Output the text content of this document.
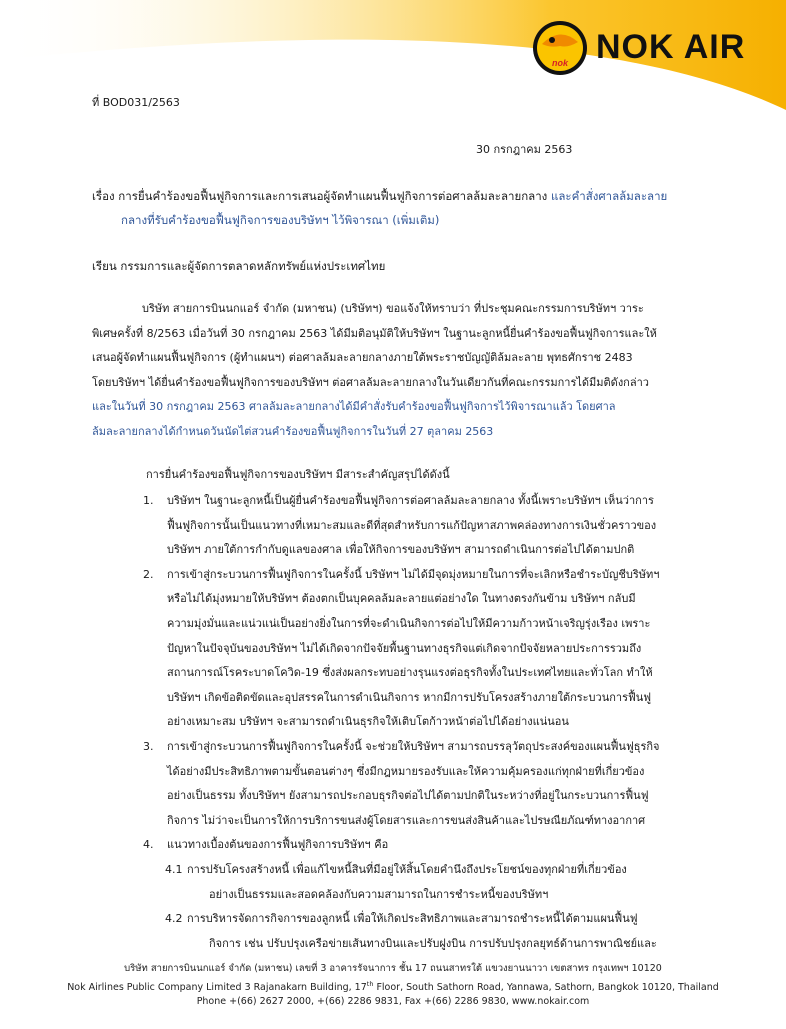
nok NOK AIR
ที่ BOD031/2563
30 กรกฎาคม 2563
เรื่อง การยื่นคำร้องขอฟื้นฟูกิจการและการเสนอผู้จัดทำแผนฟื้นฟูกิจการต่อศาลล้มละลายกลาง และคำสั่งศาลล้มละลาย
กลางที่รับคำร้องขอฟื้นฟูกิจการของบริษัทฯ ไว้พิจารณา (เพิ่มเติม)
เรียน กรรมการและผู้จัดการตลาดหลักทรัพย์แห่งประเทศไทย
บริษัท สายการบินนกแอร์ จำกัด (มหาชน) (บริษัทฯ) ขอแจ้งให้ทราบว่า ที่ประชุมคณะกรรมการบริษัทฯ วาระ
พิเศษครั้งที่ 8/2563 เมื่อวันที่ 30 กรกฎาคม 2563 ได้มีมติอนุมัติให้บริษัทฯ ในฐานะลูกหนี้ยื่นคำร้องขอฟื้นฟูกิจการและให้
เสนอผู้จัดทำแผนฟื้นฟูกิจการ (ผู้ทำแผนฯ) ต่อศาลล้มละลายกลางภายใต้พระราชบัญญัติล้มละลาย พุทธศักราช 2483
โดยบริษัทฯ ได้ยื่นคำร้องขอฟื้นฟูกิจการของบริษัทฯ ต่อศาลล้มละลายกลางในวันเดียวกันที่คณะกรรมการได้มีมติดังกล่าว
และในวันที่ 30 กรกฎาคม 2563 ศาลล้มละลายกลางได้มีคำสั่งรับคำร้องขอฟื้นฟูกิจการไว้พิจารณาแล้ว โดยศาล
ล้มละลายกลางได้กำหนดวันนัดไต่สวนคำร้องขอฟื้นฟูกิจการในวันที่ 27 ตุลาคม 2563
การยื่นคำร้องขอฟื้นฟูกิจการของบริษัทฯ มีสาระสำคัญสรุปได้ดังนี้
1. บริษัทฯ ในฐานะลูกหนี้เป็นผู้ยื่นคำร้องขอฟื้นฟูกิจการต่อศาลล้มละลายกลาง ทั้งนี้เพราะบริษัทฯ เห็นว่าการ
ฟื้นฟูกิจการนั้นเป็นแนวทางที่เหมาะสมและดีที่สุดสำหรับการแก้ปัญหาสภาพคล่องทางการเงินชั่วคราวของ
บริษัทฯ ภายใต้การกำกับดูแลของศาล เพื่อให้กิจการของบริษัทฯ สามารถดำเนินการต่อไปได้ตามปกติ
2. การเข้าสู่กระบวนการฟื้นฟูกิจการในครั้งนี้ บริษัทฯ ไม่ได้มีจุดมุ่งหมายในการที่จะเลิกหรือชำระบัญชีบริษัทฯ
หรือไม่ได้มุ่งหมายให้บริษัทฯ ต้องตกเป็นบุคคลล้มละลายแต่อย่างใด ในทางตรงกันข้าม บริษัทฯ กลับมี
ความมุ่งมั่นและแน่วแน่เป็นอย่างยิ่งในการที่จะดำเนินกิจการต่อไปให้มีความก้าวหน้าเจริญรุ่งเรือง เพราะ
ปัญหาในปัจจุบันของบริษัทฯ ไม่ได้เกิดจากปัจจัยพื้นฐานทางธุรกิจแต่เกิดจากปัจจัยหลายประการรวมถึง
สถานการณ์โรคระบาดโควิด-19 ซึ่งส่งผลกระทบอย่างรุนแรงต่อธุรกิจทั้งในประเทศไทยและทั่วโลก ทำให้
บริษัทฯ เกิดข้อติดขัดและอุปสรรคในการดำเนินกิจการ หากมีการปรับโครงสร้างภายใต้กระบวนการฟื้นฟู
อย่างเหมาะสม บริษัทฯ จะสามารถดำเนินธุรกิจให้เติบโตก้าวหน้าต่อไปได้อย่างแน่นอน
3. การเข้าสู่กระบวนการฟื้นฟูกิจการในครั้งนี้ จะช่วยให้บริษัทฯ สามารถบรรลุวัตถุประสงค์ของแผนฟื้นฟูธุรกิจ
ได้อย่างมีประสิทธิภาพตามขั้นตอนต่างๆ ซึ่งมีกฎหมายรองรับและให้ความคุ้มครองแก่ทุกฝ่ายที่เกี่ยวข้อง
อย่างเป็นธรรม ทั้งบริษัทฯ ยังสามารถประกอบธุรกิจต่อไปได้ตามปกติในระหว่างที่อยู่ในกระบวนการฟื้นฟู
กิจการ ไม่ว่าจะเป็นการให้การบริการขนส่งผู้โดยสารและการขนส่งสินค้าและไปรษณียภัณฑ์ทางอากาศ
4. แนวทางเบื้องต้นของการฟื้นฟูกิจการบริษัทฯ คือ
4.1 การปรับโครงสร้างหนี้ เพื่อแก้ไขหนี้สินที่มีอยู่ให้สิ้นโดยคำนึงถึงประโยชน์ของทุกฝ่ายที่เกี่ยวข้อง
อย่างเป็นธรรมและสอดคล้องกับความสามารถในการชำระหนี้ของบริษัทฯ
4.2 การบริหารจัดการกิจการของลูกหนี้ เพื่อให้เกิดประสิทธิภาพและสามารถชำระหนี้ได้ตามแผนฟื้นฟู
กิจการ เช่น ปรับปรุงเครือข่ายเส้นทางบินและปรับฝูงบิน การปรับปรุงกลยุทธ์ด้านการพาณิชย์และ
บริษัท สายการบินนกแอร์ จำกัด (มหาชน) เลขที่ 3 อาคารรัจนาการ ชั้น 17 ถนนสาทรใต้ แขวงยานนาวา เขตสาทร กรุงเทพฯ 10120
Nok Airlines Public Company Limited 3 Rajanakarn Building, 17th Floor, South Sathorn Road, Yannawa, Sathorn, Bangkok 10120, Thailand
Phone +(66) 2627 2000, +(66) 2286 9831, Fax +(66) 2286 9830, www.nokair.com
